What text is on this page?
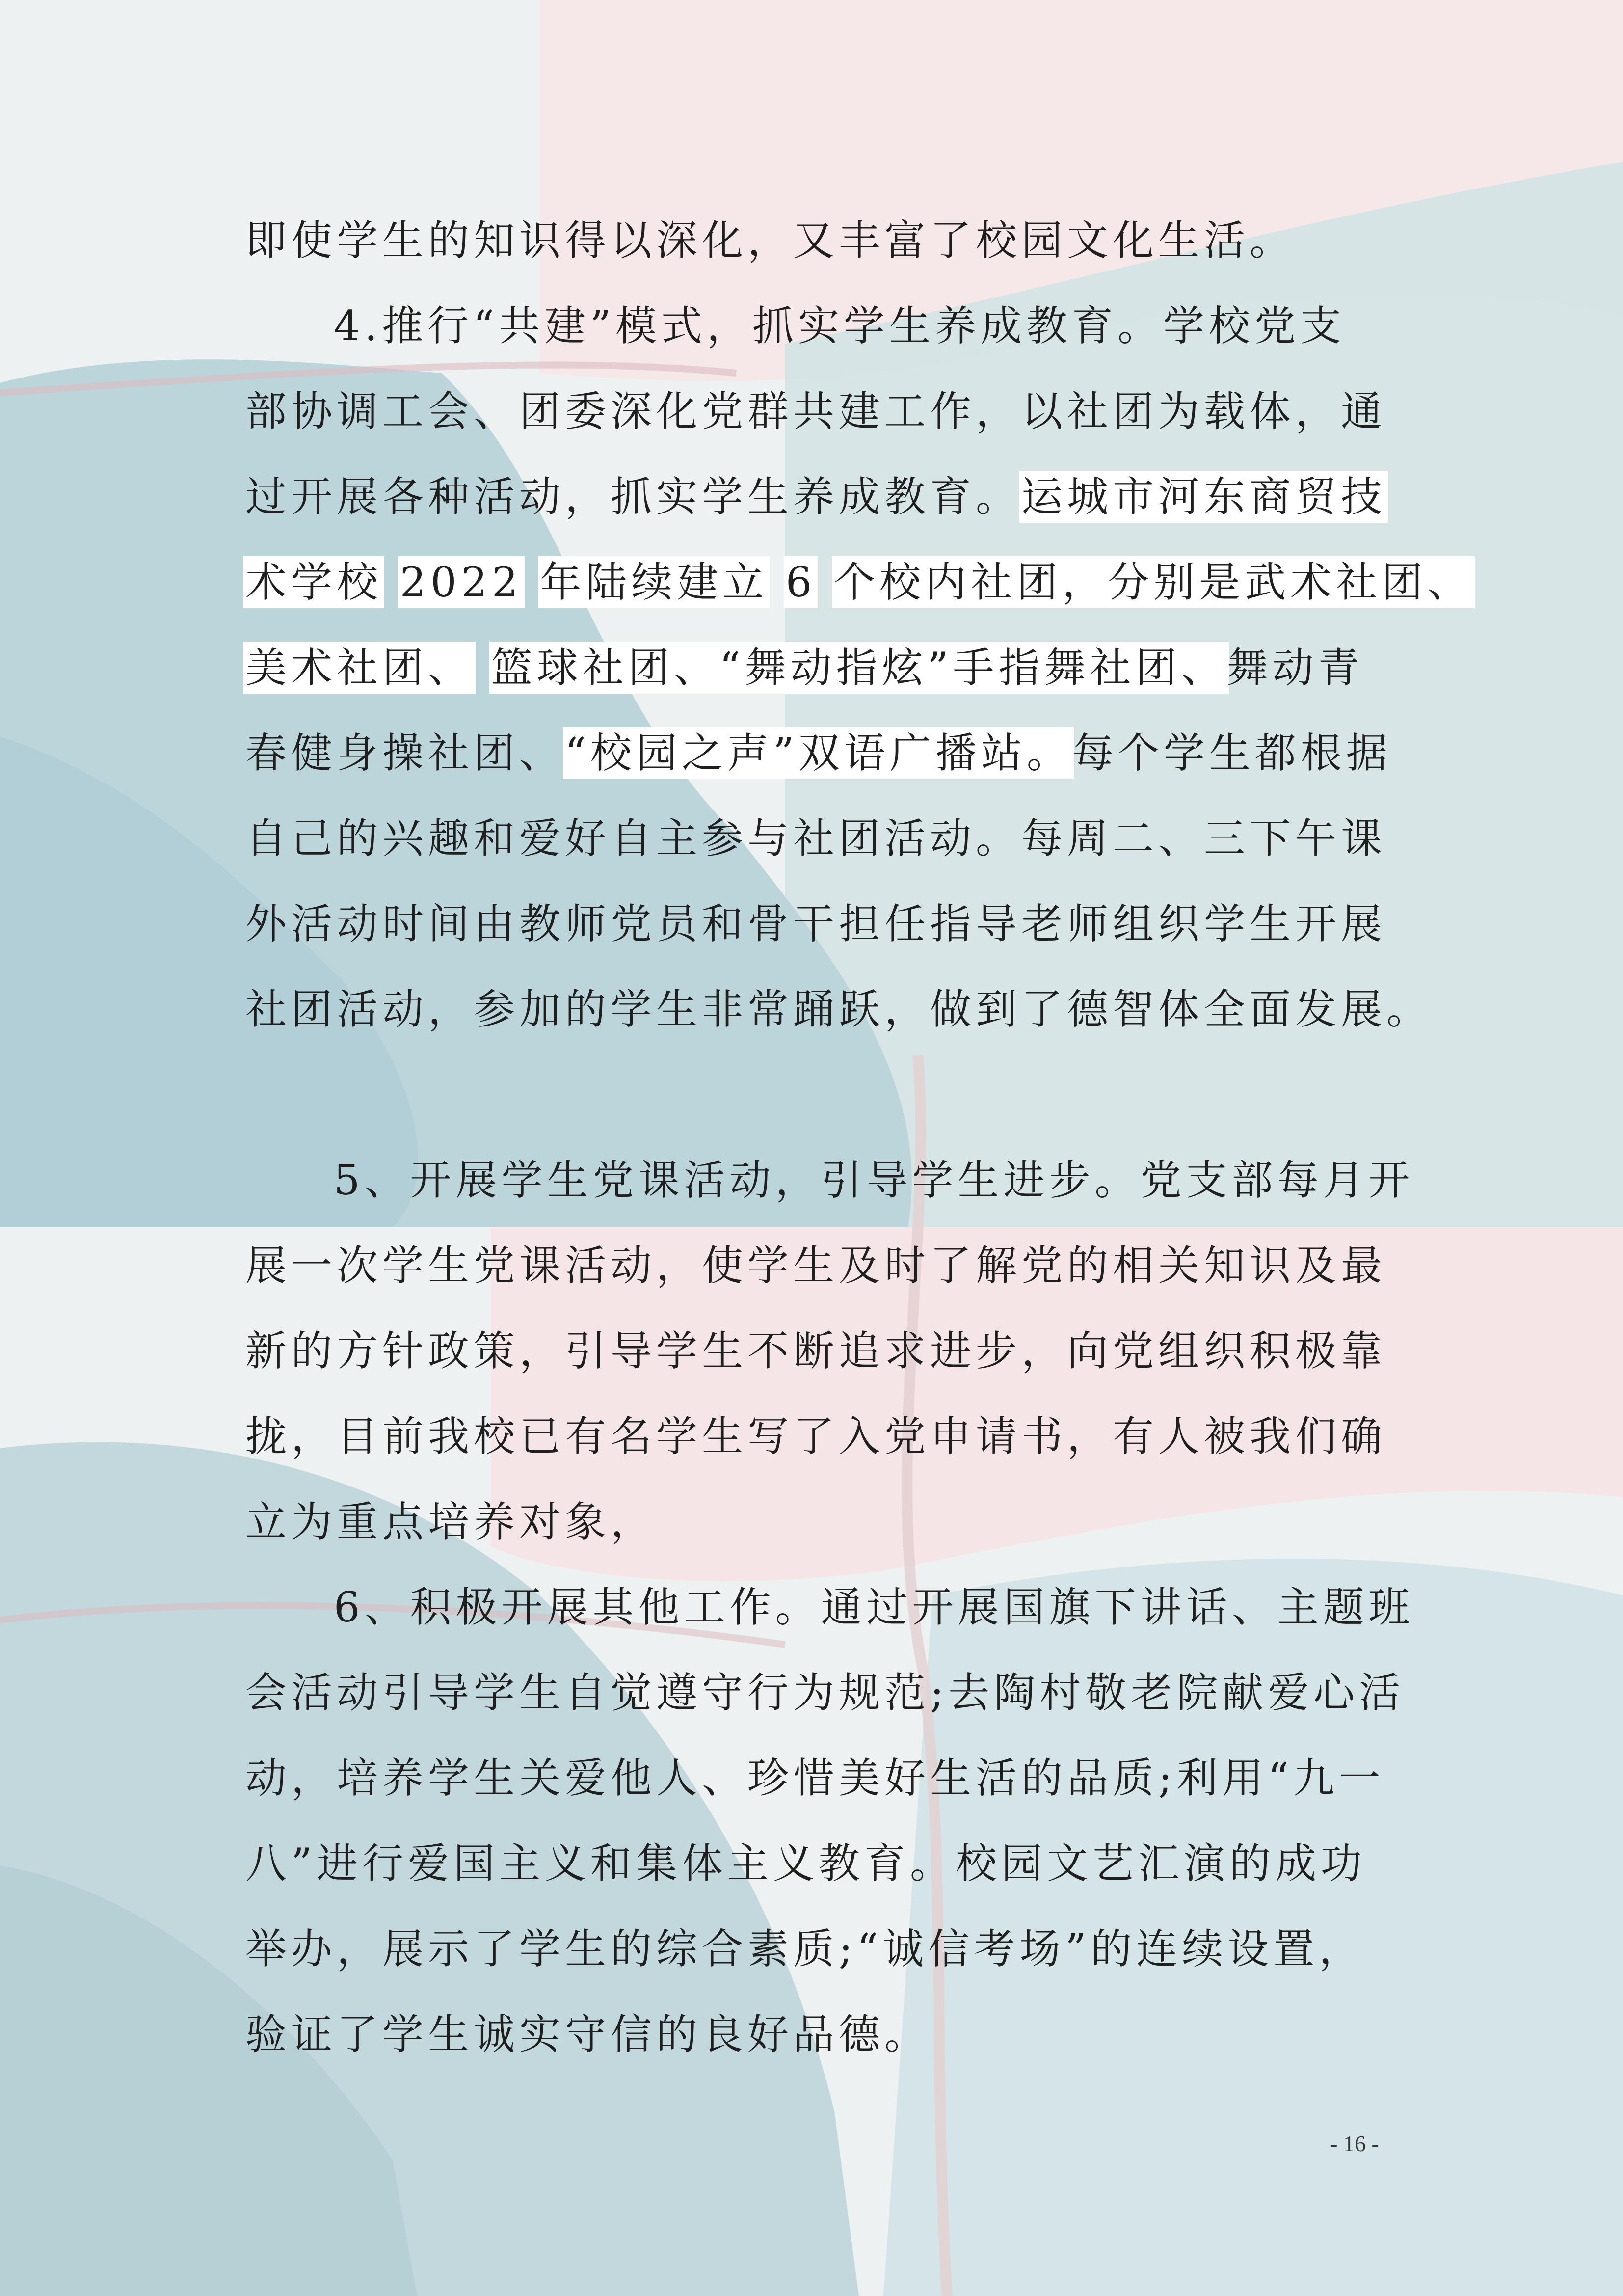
即使学生的知识得以深化，又丰富了校园文化生活。
4.推行“共建”模式，抓实学生养成教育。学校党支
部协调工会、团委深化党群共建工作，以社团为载体，通
过开展各种活动，抓实学生养成教育。运城市河东商贸技
术学校 2022 年陆续建立 6 个校内社团，分别是武术社团、
美术社团、 篮球社团、“舞动指炫”手指舞社团、舞动青
春健身操社团、“校园之声”双语广播站。每个学生都根据
自己的兴趣和爱好自主参与社团活动。每周二、三下午课
外活动时间由教师党员和骨干担任指导老师组织学生开展
社团活动，参加的学生非常踊跃，做到了德智体全面发展。
5、开展学生党课活动，引导学生进步。党支部每月开
展一次学生党课活动，使学生及时了解党的相关知识及最
新的方针政策，引导学生不断追求进步，向党组织积极靠
拢，目前我校已有名学生写了入党申请书，有人被我们确
立为重点培养对象，
6、积极开展其他工作。通过开展国旗下讲话、主题班
会活动引导学生自觉遵守行为规范;去陶村敬老院献爱心活
动，培养学生关爱他人、珍惜美好生活的品质;利用“九一
八”进行爱国主义和集体主义教育。校园文艺汇演的成功
举办，展示了学生的综合素质;“诚信考场”的连续设置，
验证了学生诚实守信的良好品德。
- 16 -
